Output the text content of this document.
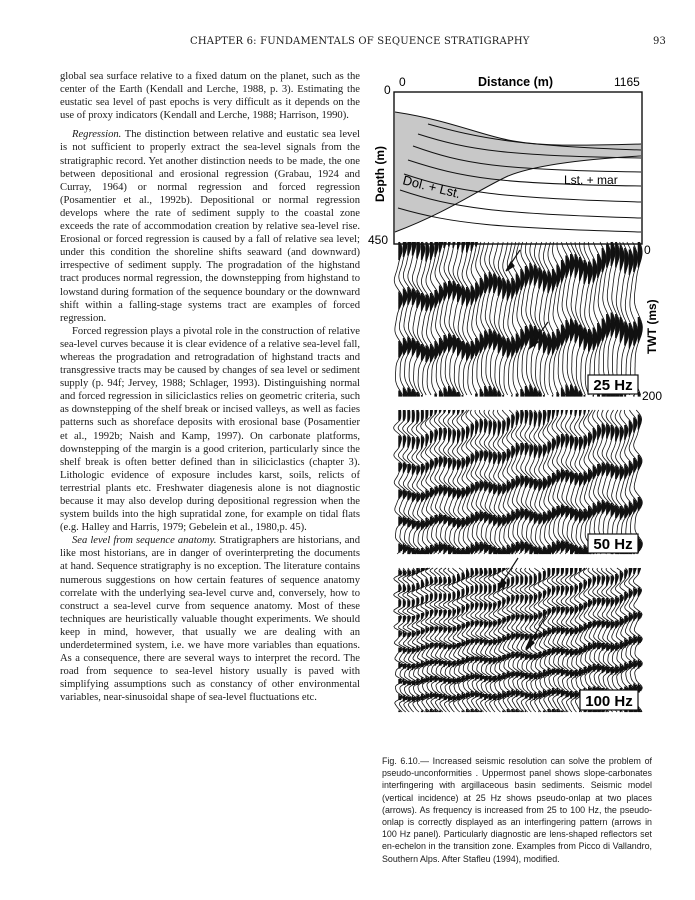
CHAPTER 6: FUNDAMENTALS OF SEQUENCE STRATIGRAPHY	93

global sea surface relative to a fixed datum on the planet, such as the center of the Earth (Kendall and Lerche, 1988, p. 3). Estimating the eustatic sea level of past epochs is very difficult as it depends on the use of proxy indicators (Kendall and Lerche, 1988; Harrison, 1990).

Regression. The distinction between relative and eustatic sea level is not sufficient to properly extract the sea-level signals from the stratigraphic record. Yet another distinction needs to be made, the one between depositional and erosional regression (Grabau, 1924 and Curray, 1964) or normal regression and forced regression (Posamentier et al., 1992b). Depositional or normal regression develops where the rate of sediment supply to the coastal zone exceeds the rate of accommodation creation by relative sea-level rise. Erosional or forced regression is caused by a fall of relative sea level; under this condition the shoreline shifts seaward (and downward) irrespective of sediment supply. The progradation of the highstand tract produces normal regression, the downstepping from highstand to lowstand during formation of the sequence boundary or the downward shift within a falling-stage systems tract are examples of forced regression.

Forced regression plays a pivotal role in the construction of relative sea-level curves because it is clear evidence of a relative sea-level fall, whereas the progradation and retrogradation of highstand tracts and transgressive tracts may be caused by changes of sea level or sediment supply (p. 94f; Jervey, 1988; Schlager, 1993). Distinguishing normal and forced regression in siliciclastics relies on geometric criteria, such as downstepping of the shelf break or incised valleys, as well as facies patterns such as shoreface deposits with erosional base (Posamentier et al., 1992b; Naish and Kamp, 1997). On carbonate platforms, downstepping of the margin is a good criterion, particularly since the shelf break is often better defined than in siliciclastics (chapter 3). Lithologic evidence of exposure includes karst, soils, relicts of terrestrial plants etc. Freshwater diagenesis alone is not diagnostic because it may also develop during depositional regression when the system builds into the high supratidal zone, for example on tidal flats (e.g. Halley and Harris, 1979; Gebelein et al., 1980,p. 45).

Sea level from sequence anatomy. Stratigraphers are historians, and like most historians, are in danger of overinterpreting the documents at hand. Sequence stratigraphy is no exception. The literature contains numerous suggestions on how certain features of sequence anatomy correlate with the underlying sea-level curve and, conversely, how to construct a sea-level curve from sequence anatomy. Most of these techniques are heuristically valuable thought experiments. We should keep in mind, however, that usually we are dealing with an underdetermined system, i.e. we have more variables than equations. As a consequence, there are several ways to interpret the record. The road from sequence to sea-level history usually is paved with simplifying assumptions such as constancy of other environmental variables, near-sinusoidal shape of sea-level fluctuations etc.

Dol. + Lst.	Lst. + mar
0	Distance (m)	1165
0
Depth (m)
450
25 Hz
50 Hz
100 Hz
0
TWT (ms)
200
Fig. 6.10.— Increased seismic resolution can solve the problem of pseudo-unconformities . Uppermost panel shows slope-carbonates interfingering with argillaceous basin sediments. Seismic model (vertical incidence) at 25 Hz shows pseudo-onlap at two places (arrows). As frequency is increased from 25 to 100 Hz, the pseudo-onlap is correctly displayed as an interfingering pattern (arrows in 100 Hz panel). Particularly diagnostic are lens-shaped reflectors set en-echelon in the transition zone. Examples from Picco di Vallandro, Southern Alps. After Stafleu (1994), modified.
